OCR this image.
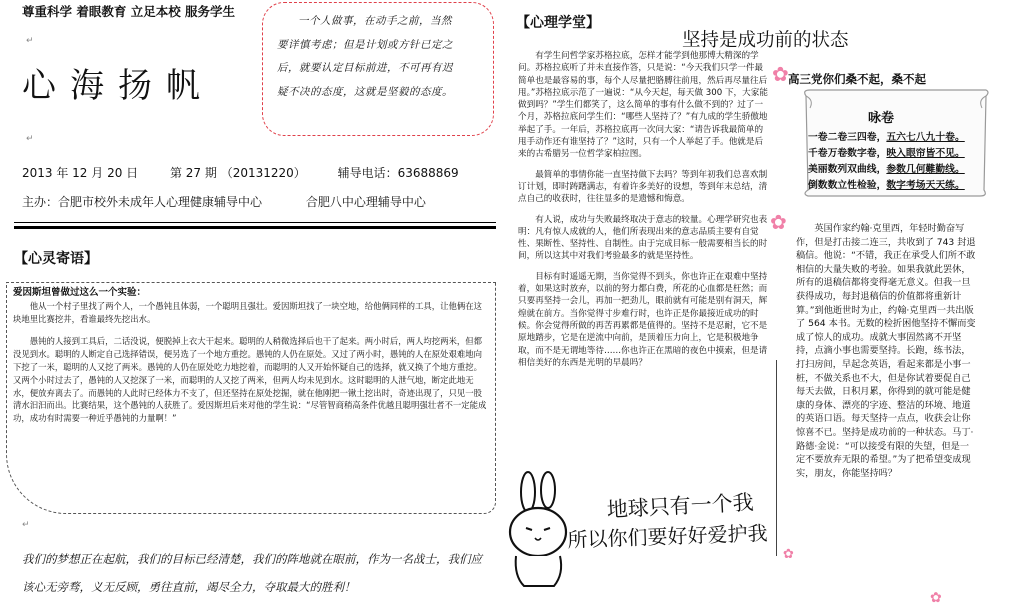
尊重科学 着眼教育 立足本校 服务学生
↵
心海扬帆
一个人做事，在动手之前，当然
要详慎考虑；但是计划或方针已定之
后，就要认定目标前进，不可再有迟
疑不决的态度，这就是坚毅的态度。
↵
2013 年 12 月 20 日	第 27 期 （20131220）	辅导电话：63688869
主办：合肥市校外未成年人心理健康辅导中心	合肥八中心理辅导中心
【心灵寄语】
爱因斯坦曾做过这么一个实验：

他从一个村子里找了两个人，一个愚钝且体弱，一个聪明且强壮。爱因斯坦找了一块空地，给他俩同样的工具，让他俩在这块地里比赛挖井，看谁最终先挖出水。

愚钝的人接到工具后，二话没说，便脱掉上衣大干起来。聪明的人稍微选择后也干了起来。两小时后，两人均挖两米，但都没见到水。聪明的人断定自己选择错误，便另选了一个地方重挖。愚钝的人仍在原处。又过了两小时，愚钝的人在原处艰难地向下挖了一米，聪明的人又挖了两米。愚钝的人仍在原处吃力地挖着，而聪明的人又开始怀疑自己的选择，就又换了个地方重挖。又两个小时过去了，愚钝的人又挖深了一米，而聪明的人又挖了两米，但两人均未见到水。这时聪明的人泄气地，断定此地无水，便放弃离去了。而愚钝的人此时已经体力不支了，但还坚持在原处挖掘，就在他刚把一锹土挖出时，奇迹出现了，只见一股清水汩汩而出。比赛结果，这个愚钝的人获胜了。爱因斯坦后来对他的学生说：“尽管智商稍高条件优越且聪明强壮者不一定能成功，成功有时需要一种近乎愚钝的力量啊！”

↵
我们的梦想正在起航，我们的目标已经清楚，我们的阵地就在眼前，作为一名战士，我们应该心无旁骛，义无反顾，勇往直前，竭尽全力，夺取最大的胜利！
【心理学堂】
坚持是成功前的状态

有学生问哲学家苏格拉底，怎样才能学到他那博大精深的学问。苏格拉底听了并未直接作答，只是说：“今天我们只学一件最简单也是最容易的事，每个人尽量把胳膊往前甩，然后再尽量往后甩。”苏格拉底示范了一遍说：“从今天起，每天做 300 下，大家能做到吗？”学生们都笑了，这么简单的事有什么做不到的？过了一个月，苏格拉底问学生们：“哪些人坚持了？”有九成的学生骄傲地举起了手。一年后，苏格拉底再一次问大家：“请告诉我最简单的甩手动作还有谁坚持了？”这时，只有一个人举起了手。他就是后来的古希腊另一位哲学家柏拉图。

最简单的事情你能一直坚持做下去吗？等到年初我们总喜欢制订计划，即时踌躇满志，有着许多美好的设想，等到年末总结，清点自己的收获时，往往显多的是遗憾和悔意。

有人说，成功与失败最终取决于意志的较量。心理学研究也表明：凡有惊人成就的人，他们所表现出来的意志品质主要有自觉性、果断性、坚持性、自制性。由于完成目标一般需要相当长的时间，所以这其中对我们考验最多的就是坚持性。

目标有时遥遥无期，当你觉得不到头，你也许正在艰难中坚持着，如果这时放弃，以前的努力都白费，所花的心血都是枉然；而只要再坚持一会儿，再加一把劲儿，眼前就有可能是别有洞天，辉煌就在前方。当你觉得寸步难行时，也许正是你最接近成功的时候。你会觉得所做的再苦再累都是值得的。坚持不是忍耐，它不是原地踏步，它是在逆流中向前，是顶着压力向上，它是积极地争取，而不是无谓地等待……你也许正在黑暗的夜色中摸索，但是请相信美好的东西是光明的早晨吗？

✿
✿
✿
✿
高三党你们桑不起，桑不起
咏卷
一卷二卷三四卷，五六七八九十卷。
千卷万卷数字卷，映入眼帘皆不见。
美丽数列双曲线，参数几何難勤线。
倒数数立性检验，数字考场天天练。

英国作家约翰·克里西，年轻时勤奋写作，但是打击接二连三，共收到了 743 封退稿信。他说：“不错，我正在承受人们所不敢相信的大量失败的考验。如果我就此罢休，所有的退稿信都将变得毫无意义。但我一旦获得成功，每封退稿信的价值都将重新计算。”到他逝世时为止，约翰·克里西一共出版了 564 本书。无数的检折困他坚持不懈而变成了惊人的成功。成就大事固然离不开坚持，点滴小事也需要坚持。长跑，练书法，打扫房间，早起念英语，看起来都是小事一桩，不做关系也不大，但是你试着要促自己每天去做，日积月累，你得到的就可能是健康的身体、漂亮的字迹、整洁的环境、地道的英语口语。每天坚持一点点，收获会让你惊喜不已。坚持是成功前的一种状态。马丁·路德·金说：“可以接受有限的失望，但是一定不要放弃无限的希望。”为了把希望变成现实，朋友，你能坚持吗？

地球只有一个我
所以你们要好好爱护我
